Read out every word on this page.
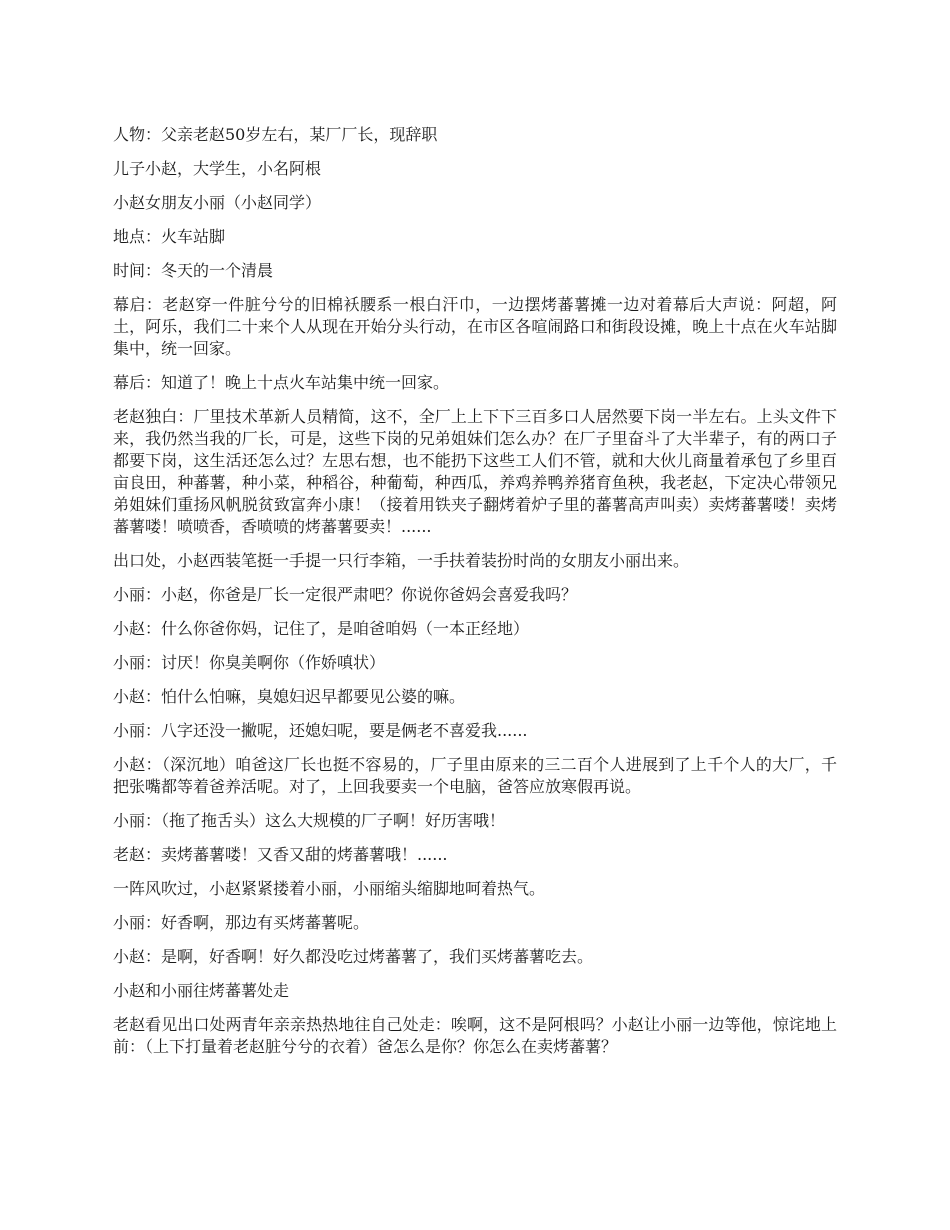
人物：父亲老赵50岁左右，某厂厂长，现辞职

儿子小赵，大学生，小名阿根

小赵女朋友小丽（小赵同学）

地点：火车站脚

时间：冬天的一个清晨

幕启：老赵穿一件脏兮兮的旧棉袄腰系一根白汗巾，一边摆烤蕃薯摊一边对着幕后大声说：阿超，阿土，阿乐，我们二十来个人从现在开始分头行动，在市区各喧闹路口和街段设摊，晚上十点在火车站脚集中，统一回家。

幕后：知道了！晚上十点火车站集中统一回家。

老赵独白：厂里技术革新人员精简，这不，全厂上上下下三百多口人居然要下岗一半左右。上头文件下来，我仍然当我的厂长，可是，这些下岗的兄弟姐妹们怎么办？在厂子里奋斗了大半辈子，有的两口子都要下岗，这生活还怎么过？左思右想，也不能扔下这些工人们不管，就和大伙儿商量着承包了乡里百亩良田，种蕃薯，种小菜，种稻谷，种葡萄，种西瓜，养鸡养鸭养猪育鱼秧，我老赵，下定决心带领兄弟姐妹们重扬风帆脱贫致富奔小康！（接着用铁夹子翻烤着炉子里的蕃薯高声叫卖）卖烤蕃薯喽！卖烤蕃薯喽！喷喷香，香喷喷的烤蕃薯要卖！......

出口处，小赵西装笔挺一手提一只行李箱，一手扶着装扮时尚的女朋友小丽出来。

小丽：小赵，你爸是厂长一定很严肃吧？你说你爸妈会喜爱我吗？

小赵：什么你爸你妈，记住了，是咱爸咱妈（一本正经地）

小丽：讨厌！你臭美啊你（作娇嗔状）

小赵：怕什么怕嘛，臭媳妇迟早都要见公婆的嘛。

小丽：八字还没一撇呢，还媳妇呢，要是俩老不喜爱我......

小赵：（深沉地）咱爸这厂长也挺不容易的，厂子里由原来的三二百个人进展到了上千个人的大厂，千把张嘴都等着爸养活呢。对了，上回我要卖一个电脑，爸答应放寒假再说。

小丽：（拖了拖舌头）这么大规模的厂子啊！好历害哦！

老赵：卖烤蕃薯喽！又香又甜的烤蕃薯哦！......

一阵风吹过，小赵紧紧搂着小丽，小丽缩头缩脚地呵着热气。

小丽：好香啊，那边有买烤蕃薯呢。

小赵：是啊，好香啊！好久都没吃过烤蕃薯了，我们买烤蕃薯吃去。

小赵和小丽往烤蕃薯处走

老赵看见出口处两青年亲亲热热地往自己处走：唉啊，这不是阿根吗？小赵让小丽一边等他，惊诧地上前：（上下打量着老赵脏兮兮的衣着）爸怎么是你？你怎么在卖烤蕃薯？
